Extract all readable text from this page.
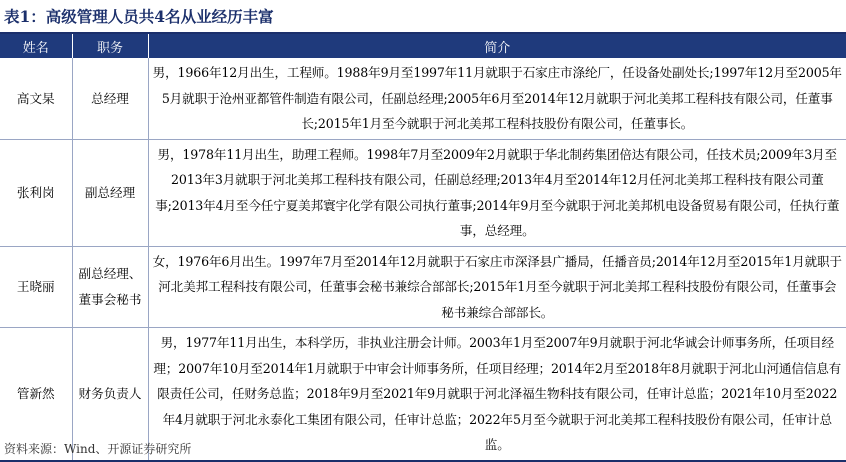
表1：高级管理人员共4名从业经历丰富
姓名	职务	简介
高文杲	总经理	男，1966年12月出生，工程师。1988年9月至1997年11月就职于石家庄市涤纶厂，任设备处副处长;1997年12月至2005年5月就职于沧州亚都管件制造有限公司，任副总经理;2005年6月至2014年12月就职于河北美邦工程科技有限公司，任董事长;2015年1月至今就职于河北美邦工程科技股份有限公司，任董事长。
张利岗	副总经理	男，1978年11月出生，助理工程师。1998年7月至2009年2月就职于华北制药集团倍达有限公司，任技术员;2009年3月至2013年3月就职于河北美邦工程科技有限公司，任副总经理;2013年4月至2014年12月任河北美邦工程科技有限公司董事;2013年4月至今任宁夏美邦寰宇化学有限公司执行董事;2014年9月至今就职于河北美邦机电设备贸易有限公司，任执行董事，总经理。
王晓丽	副总经理、董事会秘书	女，1976年6月出生。1997年7月至2014年12月就职于石家庄市深泽县广播局，任播音员;2014年12月至2015年1月就职于河北美邦工程科技有限公司，任董事会秘书兼综合部部长;2015年1月至今就职于河北美邦工程科技股份有限公司，任董事会秘书兼综合部部长。
管新然	财务负责人	男，1977年11月出生，本科学历，非执业注册会计师。2003年1月至2007年9月就职于河北华诚会计师事务所，任项目经理；2007年10月至2014年1月就职于中审会计师事务所，任项目经理；2014年2月至2018年8月就职于河北山河通信信息有限责任公司，任财务总监；2018年9月至2021年9月就职于河北泽福生物科技有限公司，任审计总监；2021年10月至2022年4月就职于河北永泰化工集团有限公司，任审计总监；2022年5月至今就职于河北美邦工程科技股份有限公司，任审计总监。
资料来源：Wind、开源证券研究所
